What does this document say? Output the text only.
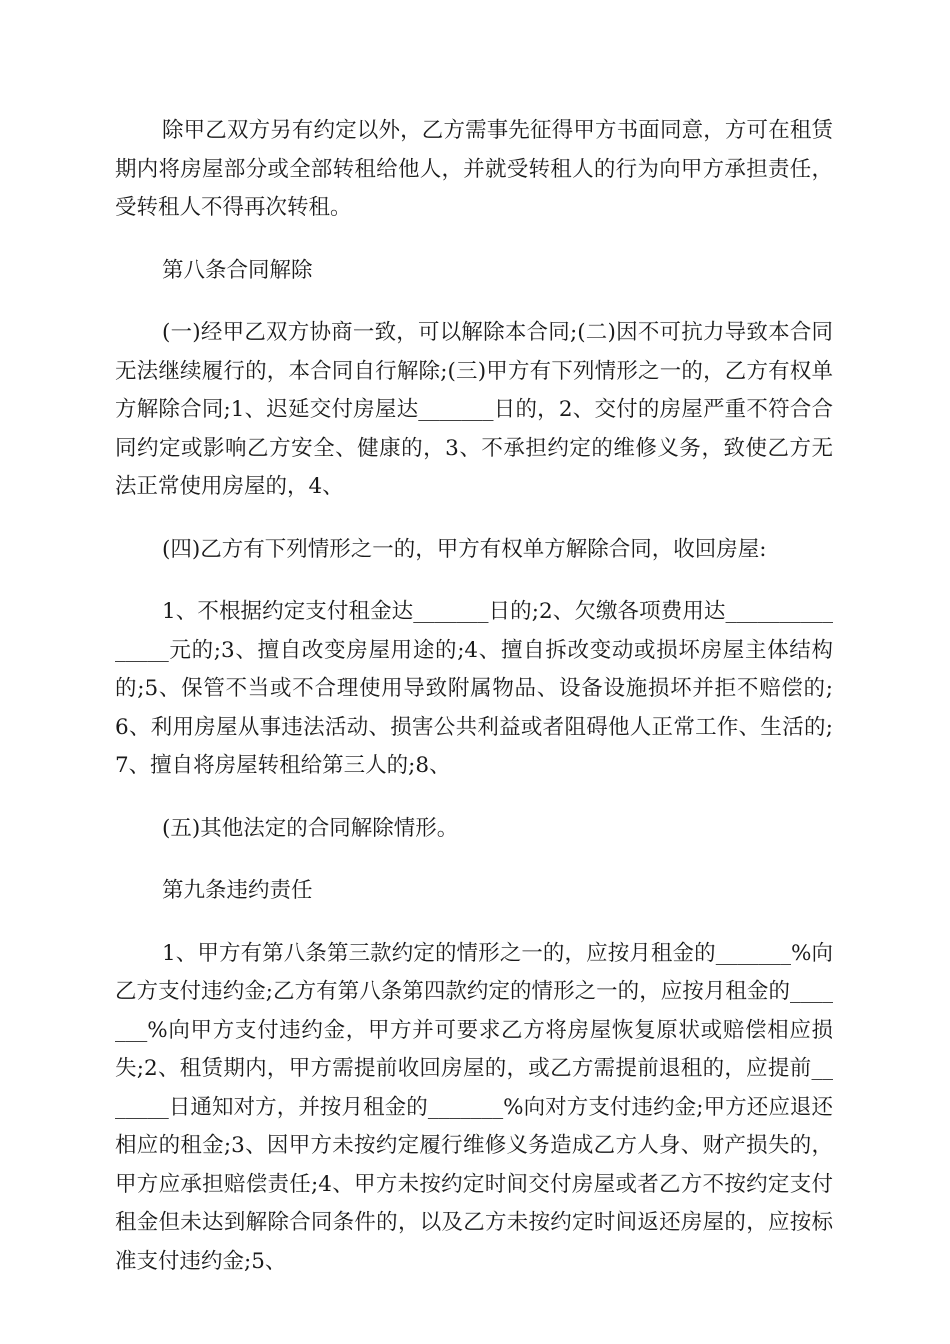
除甲乙双方另有约定以外，乙方需事先征得甲方书面同意，方可在租赁期内将房屋部分或全部转租给他人，并就受转租人的行为向甲方承担责任，受转租人不得再次转租。

第八条合同解除

(一)经甲乙双方协商一致，可以解除本合同;(二)因不可抗力导致本合同无法继续履行的，本合同自行解除;(三)甲方有下列情形之一的，乙方有权单方解除合同;1、迟延交付房屋达_______日的，2、交付的房屋严重不符合合同约定或影响乙方安全、健康的，3、不承担约定的维修义务，致使乙方无法正常使用房屋的，4、

(四)乙方有下列情形之一的，甲方有权单方解除合同，收回房屋:

1、不根据约定支付租金达_______日的;2、欠缴各项费用达_______________元的;3、擅自改变房屋用途的;4、擅自拆改变动或损坏房屋主体结构的;5、保管不当或不合理使用导致附属物品、设备设施损坏并拒不赔偿的;6、利用房屋从事违法活动、损害公共利益或者阻碍他人正常工作、生活的;7、擅自将房屋转租给第三人的;8、

(五)其他法定的合同解除情形。

第九条违约责任

1、甲方有第八条第三款约定的情形之一的，应按月租金的_______%向乙方支付违约金;乙方有第八条第四款约定的情形之一的，应按月租金的_______%向甲方支付违约金，甲方并可要求乙方将房屋恢复原状或赔偿相应损失;2、租赁期内，甲方需提前收回房屋的，或乙方需提前退租的，应提前_______日通知对方，并按月租金的_______%向对方支付违约金;甲方还应退还相应的租金;3、因甲方未按约定履行维修义务造成乙方人身、财产损失的，甲方应承担赔偿责任;4、甲方未按约定时间交付房屋或者乙方不按约定支付租金但未达到解除合同条件的，以及乙方未按约定时间返还房屋的，应按标准支付违约金;5、
